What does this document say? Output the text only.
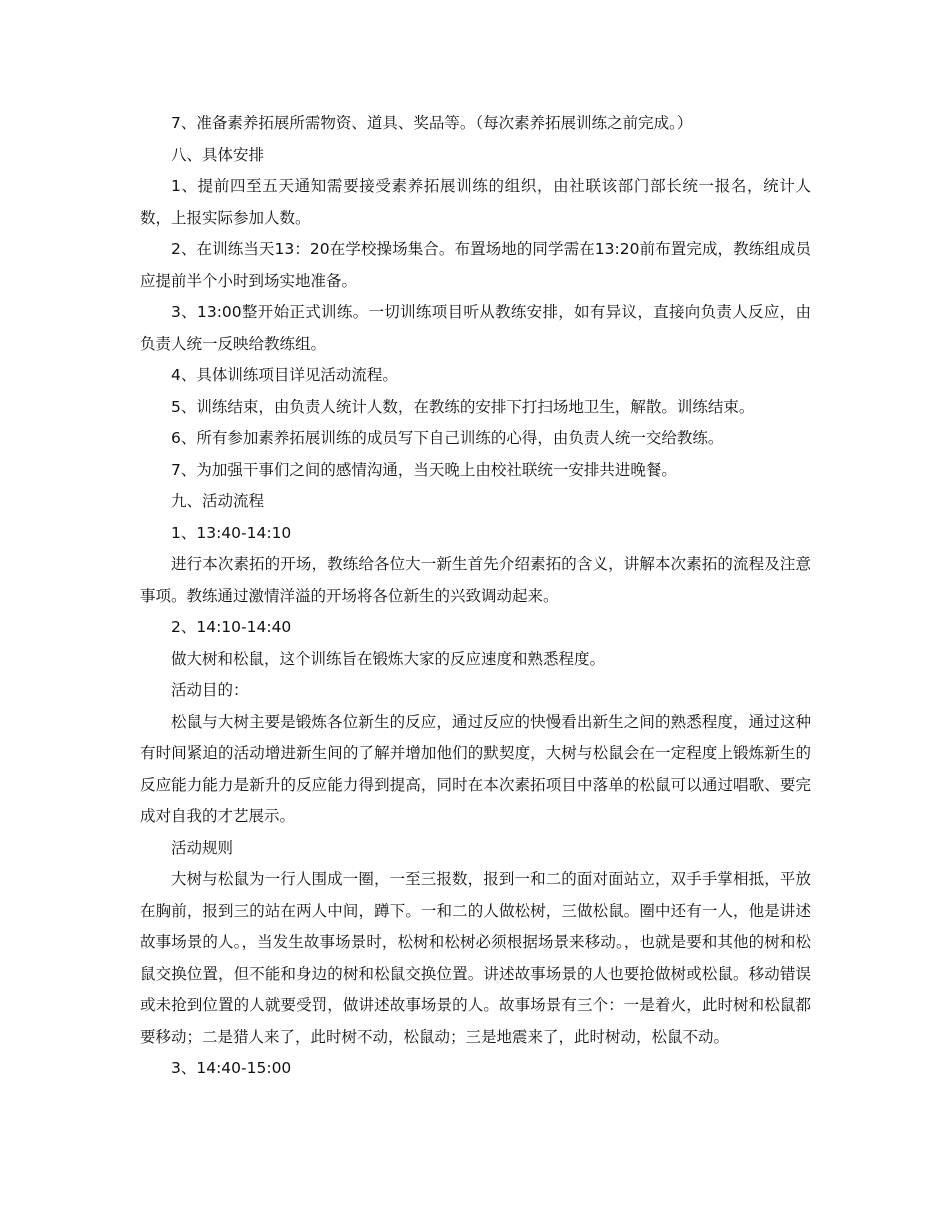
7、准备素养拓展所需物资、道具、奖品等。（每次素养拓展训练之前完成。）

八、具体安排

1、提前四至五天通知需要接受素养拓展训练的组织，由社联该部门部长统一报名，统计人数，上报实际参加人数。

2、在训练当天13：20在学校操场集合。布置场地的同学需在13:20前布置完成，教练组成员应提前半个小时到场实地准备。

3、13:00整开始正式训练。一切训练项目听从教练安排，如有异议，直接向负责人反应，由负责人统一反映给教练组。

4、具体训练项目详见活动流程。

5、训练结束，由负责人统计人数，在教练的安排下打扫场地卫生，解散。训练结束。

6、所有参加素养拓展训练的成员写下自己训练的心得，由负责人统一交给教练。

7、为加强干事们之间的感情沟通，当天晚上由校社联统一安排共进晚餐。

九、活动流程

1、13:40-14:10

进行本次素拓的开场，教练给各位大一新生首先介绍素拓的含义，讲解本次素拓的流程及注意事项。教练通过激情洋溢的开场将各位新生的兴致调动起来。

2、14:10-14:40

做大树和松鼠，这个训练旨在锻炼大家的反应速度和熟悉程度。

活动目的：

松鼠与大树主要是锻炼各位新生的反应，通过反应的快慢看出新生之间的熟悉程度，通过这种有时间紧迫的活动增进新生间的了解并增加他们的默契度，大树与松鼠会在一定程度上锻炼新生的反应能力能力是新升的反应能力得到提高，同时在本次素拓项目中落单的松鼠可以通过唱歌、要完成对自我的才艺展示。

活动规则

大树与松鼠为一行人围成一圈，一至三报数，报到一和二的面对面站立，双手手掌相抵，平放在胸前，报到三的站在两人中间，蹲下。一和二的人做松树，三做松鼠。圈中还有一人，他是讲述故事场景的人。，当发生故事场景时，松树和松树必须根据场景来移动。，也就是要和其他的树和松鼠交换位置，但不能和身边的树和松鼠交换位置。讲述故事场景的人也要抢做树或松鼠。移动错误或未抢到位置的人就要受罚，做讲述故事场景的人。故事场景有三个：一是着火，此时树和松鼠都要移动；二是猎人来了，此时树不动，松鼠动；三是地震来了，此时树动，松鼠不动。

3、14:40-15:00
